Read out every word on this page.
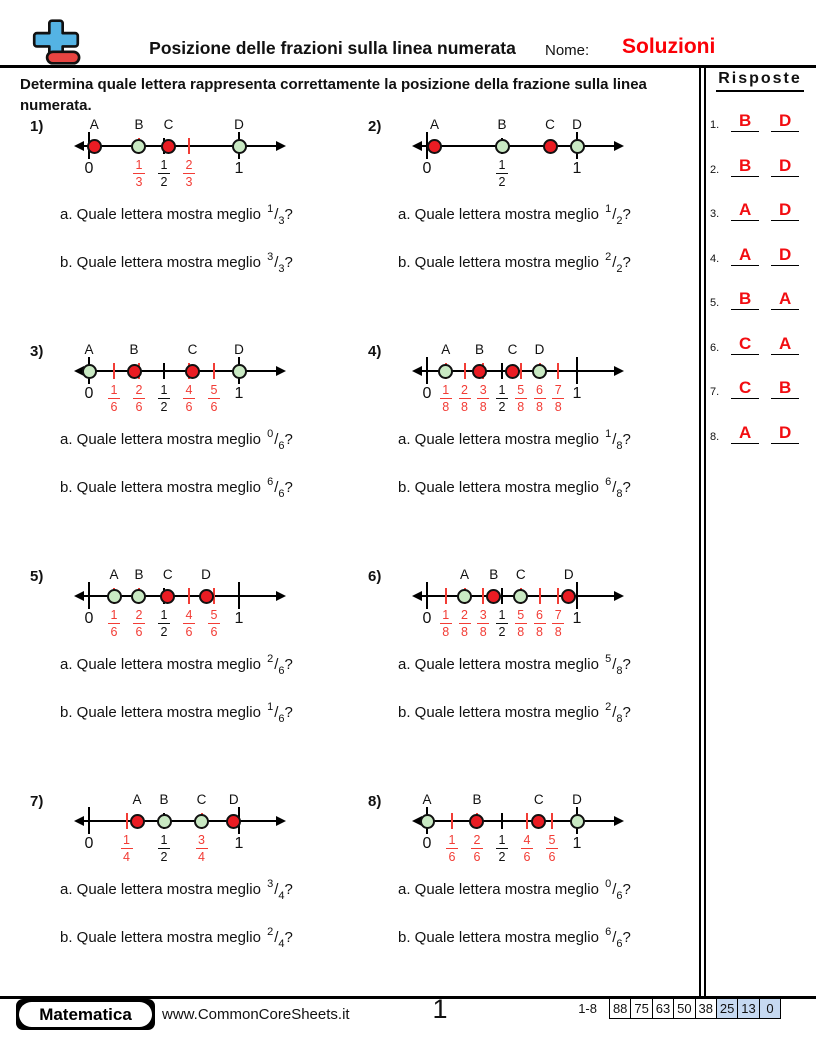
Posizione delle frazioni sulla linea numerata	Nome: Soluzioni
Determina quale lettera rappresenta correttamente la posizione della frazione sulla linea numerata.
Risposte
1.	B	D
2.	B	D
3.	A	D
4.	A	D
5.	B	A
6.	C	A
7.	C	B
8.	A	D
1)
0	1
3
1
2
2
3
1
A	B	C	D
a. Quale lettera mostra meglio $^1/_3$?
b. Quale lettera mostra meglio $^3/_3$?
2)
0	1
2
1
A	B	C	D
a. Quale lettera mostra meglio $^1/_2$?
b. Quale lettera mostra meglio $^2/_2$?
3)
0	1
6
2
6
1
2
4
6
5
6
1
A	B	C	D
a. Quale lettera mostra meglio $^0/_6$?
b. Quale lettera mostra meglio $^6/_6$?
4)
0 1
8
2
8
3
8
1
2
5
8
6
8
7
8
1
A	B	C	D
a. Quale lettera mostra meglio $^1/_8$?
b. Quale lettera mostra meglio $^6/_8$?
5)
0	1
6
2
6
1
2
4
6
5
6
1
A	B	C	D
a. Quale lettera mostra meglio $^2/_6$?
b. Quale lettera mostra meglio $^1/_6$?
6)
0 1
8
2
8
3
8
1
2
5
8
6
8
7
8
1
A	B	C	D
a. Quale lettera mostra meglio $^5/_8$?
b. Quale lettera mostra meglio $^2/_8$?
7)
0	1
4
1
2
3
4
1
A	B	C	D
a. Quale lettera mostra meglio $^3/_4$?
b. Quale lettera mostra meglio $^2/_4$?
8)
0	1
6
2
6
1
2
4
6
5
6
1
A	B	C	D
a. Quale lettera mostra meglio $^0/_6$?
b. Quale lettera mostra meglio $^6/_6$?
Matematica	www.CommonCoreSheets.it	1	1-8 88 75 63 50 38 25 13 0
